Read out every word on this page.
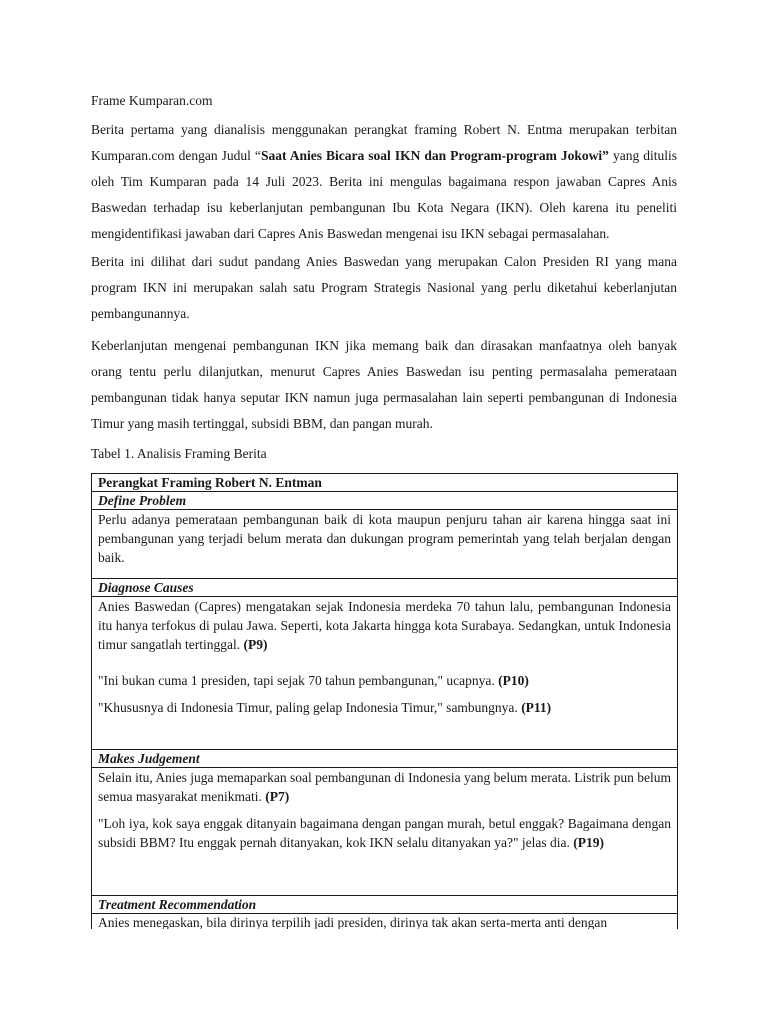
Frame Kumparan.com

Berita pertama yang dianalisis menggunakan perangkat framing Robert N. Entma merupakan terbitan Kumparan.com dengan Judul “Saat Anies Bicara soal IKN dan Program-program Jokowi” yang ditulis oleh Tim Kumparan pada 14 Juli 2023. Berita ini mengulas bagaimana respon jawaban Capres Anis Baswedan terhadap isu keberlanjutan pembangunan Ibu Kota Negara (IKN). Oleh karena itu peneliti mengidentifikasi jawaban dari Capres Anis Baswedan mengenai isu IKN sebagai permasalahan.

Berita ini dilihat dari sudut pandang Anies Baswedan yang merupakan Calon Presiden RI yang mana program IKN ini merupakan salah satu Program Strategis Nasional yang perlu diketahui keberlanjutan pembangunannya.

Keberlanjutan mengenai pembangunan IKN jika memang baik dan dirasakan manfaatnya oleh banyak orang tentu perlu dilanjutkan, menurut Capres Anies Baswedan isu penting permasalaha pemerataan pembangunan tidak hanya seputar IKN namun juga permasalahan lain seperti pembangunan di Indonesia Timur yang masih tertinggal, subsidi BBM, dan pangan murah.

Tabel 1. Analisis Framing Berita
Perangkat Framing Robert N. Entman
Define Problem

Perlu adanya pemerataan pembangunan baik di kota maupun penjuru tahan air karena hingga saat ini pembangunan yang terjadi belum merata dan dukungan program pemerintah yang telah berjalan dengan baik.

Diagnose Causes

Anies Baswedan (Capres) mengatakan sejak Indonesia merdeka 70 tahun lalu, pembangunan Indonesia itu hanya terfokus di pulau Jawa. Seperti, kota Jakarta hingga kota Surabaya. Sedangkan, untuk Indonesia timur sangatlah tertinggal. (P9)

"Ini bukan cuma 1 presiden, tapi sejak 70 tahun pembangunan," ucapnya. (P10)

"Khususnya di Indonesia Timur, paling gelap Indonesia Timur," sambungnya. (P11)

Makes Judgement

Selain itu, Anies juga memaparkan soal pembangunan di Indonesia yang belum merata. Listrik pun belum semua masyarakat menikmati. (P7)

"Loh iya, kok saya enggak ditanyain bagaimana dengan pangan murah, betul enggak? Bagaimana dengan subsidi BBM? Itu enggak pernah ditanyakan, kok IKN selalu ditanyakan ya?" jelas dia. (P19)

Treatment Recommendation
Anies menegaskan, bila dirinya terpilih jadi presiden, dirinya tak akan serta-merta anti dengan
